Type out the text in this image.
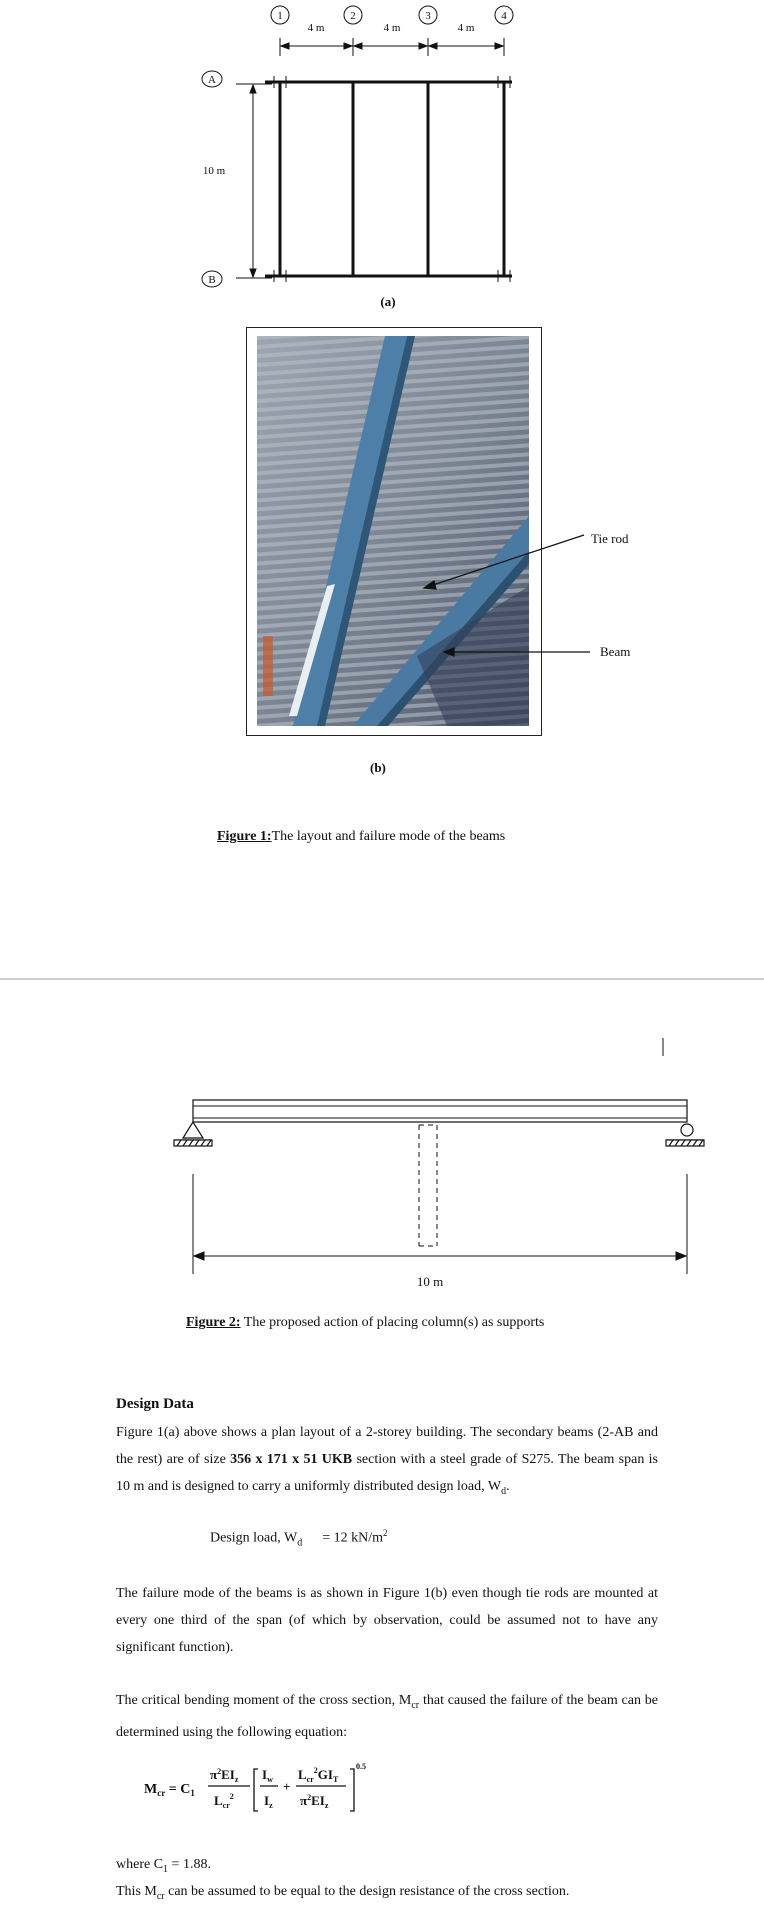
1	2	3	4
4 m	4 m	4 m
A
B
10 m
(a)
Tie rod
Beam
(b)
Figure 1:The layout and failure mode of the beams
10 m
Figure 2: The proposed action of placing column(s) as supports
Design Data
Figure 1(a) above shows a plan layout of a 2-storey building. The secondary beams (2-AB and the rest) are of size 356 x 171 x 51 UKB section with a steel grade of S275. The beam span is 10 m and is designed to carry a uniformly distributed design load, $W_d$.
Design load, $W_d = 12$ $kN/m^2$
The failure mode of the beams is as shown in Figure 1(b) even though tie rods are mounted at every one third of the span (of which by observation, could be assumed not to have any significant function).
The critical bending moment of the cross section, $M_{cr}$ that caused the failure of the beam can be determined using the following equation:
$M_{cr} = C_1$
$\pi^2EI_z$
$L_{cr}^2$
$I_w$
$I_z$
+
$L_{cr}^2GI_T$
$\pi^2EI_z$
0.5
where $C_1 = 1.88$.
This $M_{cr}$ can be assumed to be equal to the design resistance of the cross section.
